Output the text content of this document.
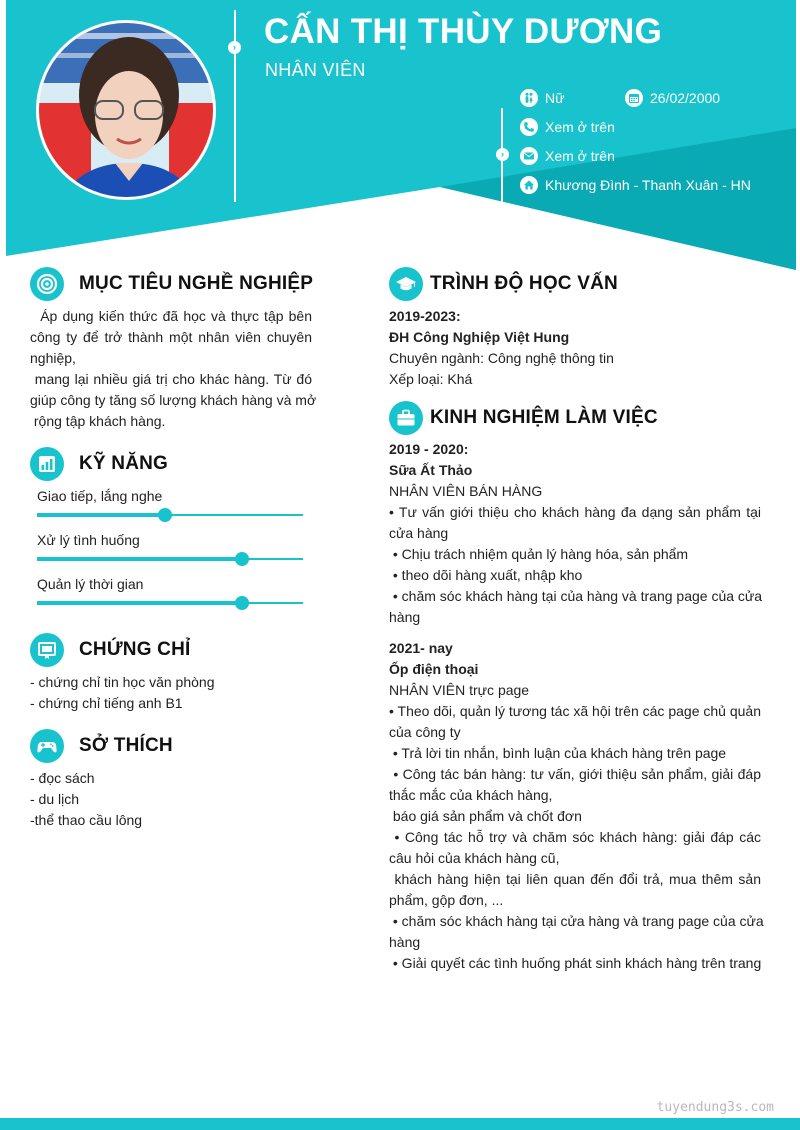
› CẤN THỊ THÙY DƯƠNG
NHÂN VIÊN
›
Nữ	26/02/2000
Xem ở trên
Xem ở trên
Khương Đình - Thanh Xuân - HN
MỤC TIÊU NGHỀ NGHIỆP
Áp dụng kiến thức đã học và thực tập bên
công ty để trở thành một nhân viên chuyên
nghiệp,
mang lại nhiều giá trị cho khác hàng. Từ đó
giúp công ty tăng số lượng khách hàng và mở
rộng tập khách hàng.
KỸ NĂNG
Giao tiếp, lắng nghe
Xử lý tình huống
Quản lý thời gian
CHỨNG CHỈ
- chứng chỉ tin học văn phòng
- chứng chỉ tiếng anh B1
SỞ THÍCH
- đọc sách
- du lịch
-thể thao cầu lông
TRÌNH ĐỘ HỌC VẤN
2019-2023:
ĐH Công Nghiệp Việt Hung
Chuyên ngành: Công nghệ thông tin
Xếp loại: Khá
KINH NGHIỆM LÀM VIỆC
2019 - 2020:
Sữa Ất Thảo
NHÂN VIÊN BÁN HÀNG
• Tư vấn giới thiệu cho khách hàng đa dạng sản phẩm tại
cửa hàng
• Chịu trách nhiệm quản lý hàng hóa, sản phẩm
• theo dõi hàng xuất, nhập kho
• chăm sóc khách hàng tại của hàng và trang page của cửa
hàng
2021- nay
Ốp điện thoại
NHÂN VIÊN trực page
• Theo dõi, quản lý tương tác xã hội trên các page chủ quản
của công ty
• Trả lời tin nhắn, bình luận của khách hàng trên page
• Công tác bán hàng: tư vấn, giới thiệu sản phẩm, giải đáp
thắc mắc của khách hàng,
báo giá sản phẩm và chốt đơn
• Công tác hỗ trợ và chăm sóc khách hàng: giải đáp các
câu hỏi của khách hàng cũ,
khách hàng hiện tại liên quan đến đổi trả, mua thêm sản
phẩm, gộp đơn, ...
• chăm sóc khách hàng tại cửa hàng và trang page của cửa
hàng
• Giải quyết các tình huống phát sinh khách hàng trên trang
tuyendung3s.com
